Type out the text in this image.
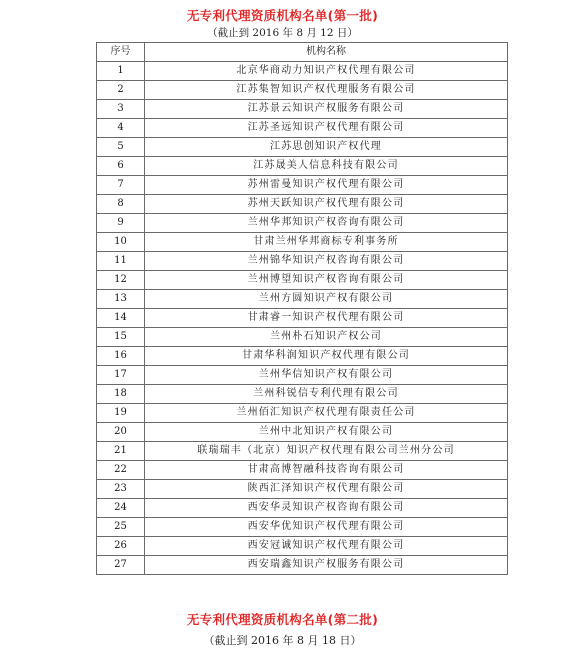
无专利代理资质机构名单(第一批)
（截止到 2016 年 8 月 12 日）
序号	机构名称
1	北京华商动力知识产权代理有限公司
2	江苏集智知识产权代理服务有限公司
3	江苏景云知识产权服务有限公司
4	江苏圣远知识产权代理有限公司
5	江苏思创知识产权代理
6	江苏晟美人信息科技有限公司
7	苏州雷曼知识产权代理有限公司
8	苏州天跃知识产权代理有限公司
9	兰州华邦知识产权咨询有限公司
10	甘肃兰州华邦商标专利事务所
11	兰州锦华知识产权咨询有限公司
12	兰州博望知识产权咨询有限公司
13	兰州方圆知识产权有限公司
14	甘肃睿一知识产权代理有限公司
15	兰州朴石知识产权公司
16	甘肃华科润知识产权代理有限公司
17	兰州华信知识产权有限公司
18	兰州科锐信专利代理有限公司
19	兰州佰汇知识产权代理有限责任公司
20	兰州中北知识产权有限公司
21	联瑞瑞丰（北京）知识产权代理有限公司兰州分公司
22	甘肃高博智融科技咨询有限公司
23	陕西汇泽知识产权代理有限公司
24	西安华灵知识产权咨询有限公司
25	西安华优知识产权代理有限公司
26	西安冠诚知识产权代理有限公司
27	西安瑞鑫知识产权服务有限公司
无专利代理资质机构名单(第二批)
（截止到 2016 年 8 月 18 日）
